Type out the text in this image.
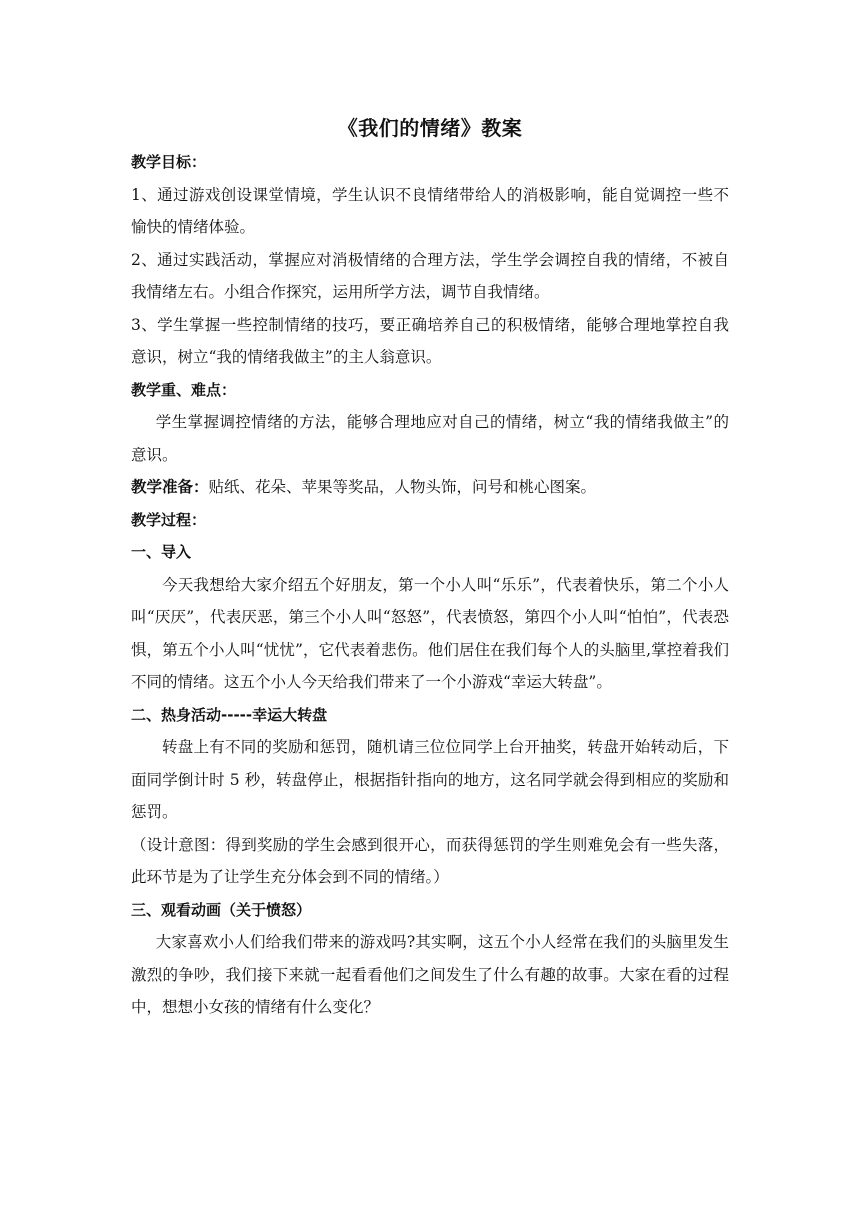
《我们的情绪》教案
教学目标：

1、通过游戏创设课堂情境，学生认识不良情绪带给人的消极影响，能自觉调控一些不愉快的情绪体验。

2、通过实践活动，掌握应对消极情绪的合理方法，学生学会调控自我的情绪，不被自我情绪左右。小组合作探究，运用所学方法，调节自我情绪。

3、学生掌握一些控制情绪的技巧，要正确培养自己的积极情绪，能够合理地掌控自我意识，树立“我的情绪我做主”的主人翁意识。

教学重、难点：

学生掌握调控情绪的方法，能够合理地应对自己的情绪，树立“我的情绪我做主”的意识。

教学准备：贴纸、花朵、苹果等奖品，人物头饰，问号和桃心图案。

教学过程：
一、导入

今天我想给大家介绍五个好朋友，第一个小人叫“乐乐”，代表着快乐，第二个小人叫“厌厌”，代表厌恶，第三个小人叫“怒怒”，代表愤怒，第四个小人叫“怕怕”，代表恐惧，第五个小人叫“忧忧”，它代表着悲伤。他们居住在我们每个人的头脑里,掌控着我们不同的情绪。这五个小人今天给我们带来了一个小游戏“幸运大转盘”。

二、热身活动-----幸运大转盘

转盘上有不同的奖励和惩罚，随机请三位位同学上台开抽奖，转盘开始转动后，下面同学倒计时 5 秒，转盘停止，根据指针指向的地方，这名同学就会得到相应的奖励和惩罚。

（设计意图：得到奖励的学生会感到很开心，而获得惩罚的学生则难免会有一些失落，此环节是为了让学生充分体会到不同的情绪。）

三、观看动画（关于愤怒）

大家喜欢小人们给我们带来的游戏吗?其实啊，这五个小人经常在我们的头脑里发生激烈的争吵，我们接下来就一起看看他们之间发生了什么有趣的故事。大家在看的过程中，想想小女孩的情绪有什么变化？
